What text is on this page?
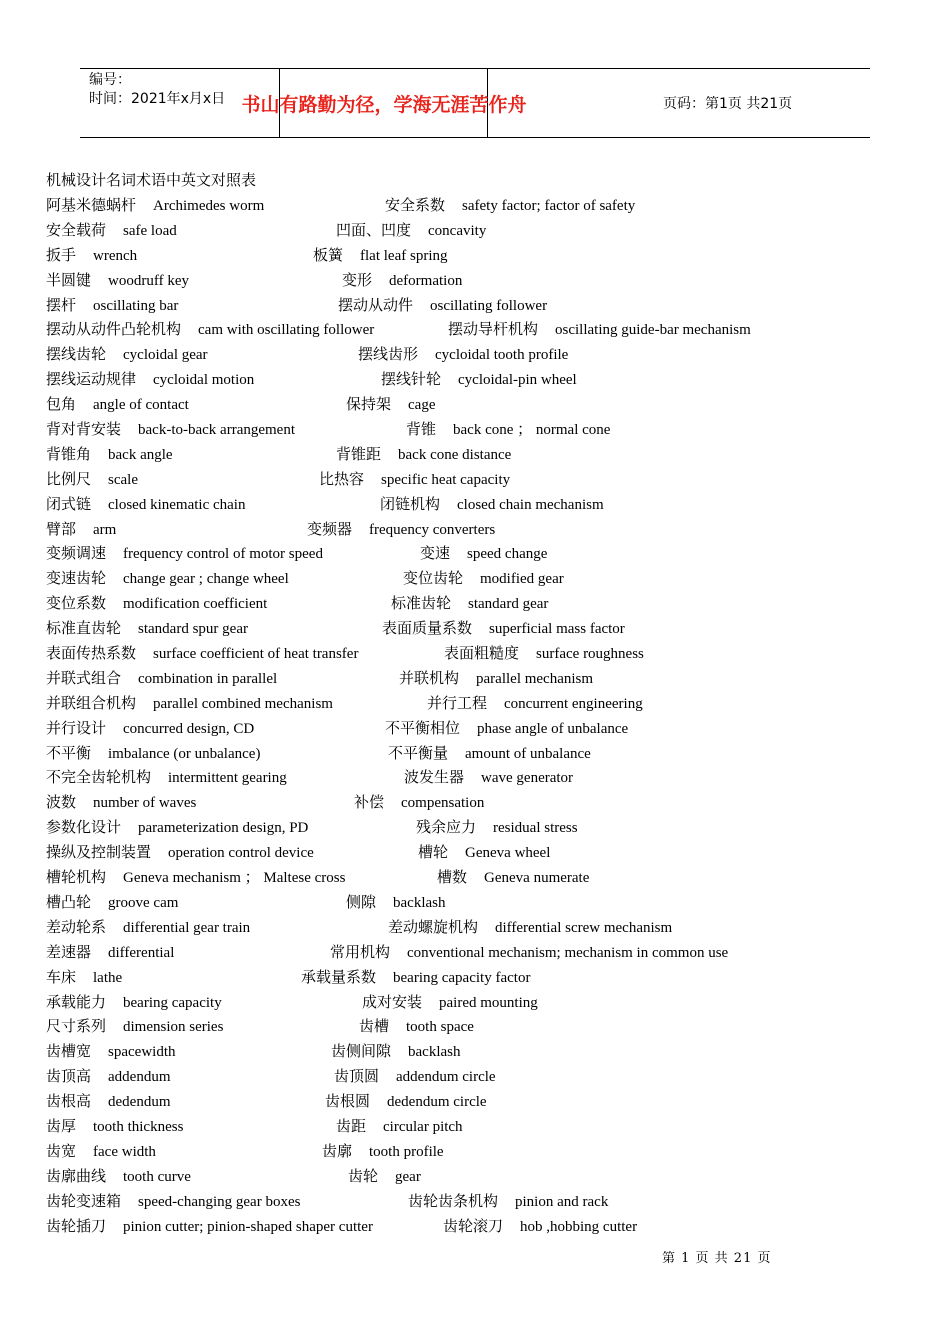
编号：
时间：2021年x月x日 书山有路勤为径，学海无涯苦作舟	页码：第1页 共21页
机械设计名词术语中英文对照表
阿基米德蜗杆 Archimedes worm	安全系数 safety factor; factor of safety
安全载荷 safe load	凹面、凹度 concavity
扳手 wrench	板簧 flat leaf spring
半圆键 woodruff key	变形 deformation
摆杆 oscillating bar	摆动从动件 oscillating follower
摆动从动件凸轮机构 cam with oscillating follower	摆动导杆机构 oscillating guide-bar mechanism
摆线齿轮 cycloidal gear	摆线齿形 cycloidal tooth profile
摆线运动规律 cycloidal motion	摆线针轮 cycloidal-pin wheel
包角 angle of contact	保持架 cage
背对背安装 back-to-back arrangement	背锥 back cone ； normal cone
背锥角 back angle	背锥距 back cone distance
比例尺 scale	比热容 specific heat capacity
闭式链 closed kinematic chain	闭链机构 closed chain mechanism
臂部 arm	变频器 frequency converters
变频调速 frequency control of motor speed	变速 speed change
变速齿轮 change gear ; change wheel	变位齿轮 modified gear
变位系数 modification coefficient	标准齿轮 standard gear
标准直齿轮 standard spur gear	表面质量系数 superficial mass factor
表面传热系数 surface coefficient of heat transfer	表面粗糙度 surface roughness
并联式组合 combination in parallel	并联机构 parallel mechanism
并联组合机构 parallel combined mechanism	并行工程 concurrent engineering
并行设计 concurred design, CD	不平衡相位 phase angle of unbalance
不平衡 imbalance (or unbalance)	不平衡量 amount of unbalance
不完全齿轮机构 intermittent gearing	波发生器 wave generator
波数 number of waves	补偿 compensation
参数化设计 parameterization design, PD	残余应力 residual stress
操纵及控制装置 operation control device	槽轮 Geneva wheel
槽轮机构 Geneva mechanism ； Maltese cross	槽数 Geneva numerate
槽凸轮 groove cam	侧隙 backlash
差动轮系 differential gear train	差动螺旋机构 differential screw mechanism
差速器 differential	常用机构 conventional mechanism; mechanism in common use
车床 lathe	承载量系数 bearing capacity factor
承载能力 bearing capacity	成对安装 paired mounting
尺寸系列 dimension series	齿槽 tooth space
齿槽宽 spacewidth	齿侧间隙 backlash
齿顶高 addendum	齿顶圆 addendum circle
齿根高 dedendum	齿根圆 dedendum circle
齿厚 tooth thickness	齿距 circular pitch
齿宽 face width	齿廓 tooth profile
齿廓曲线 tooth curve	齿轮 gear
齿轮变速箱 speed-changing gear boxes	齿轮齿条机构 pinion and rack
齿轮插刀 pinion cutter; pinion-shaped shaper cutter	齿轮滚刀 hob ,hobbing cutter
第 1 页 共 21 页
